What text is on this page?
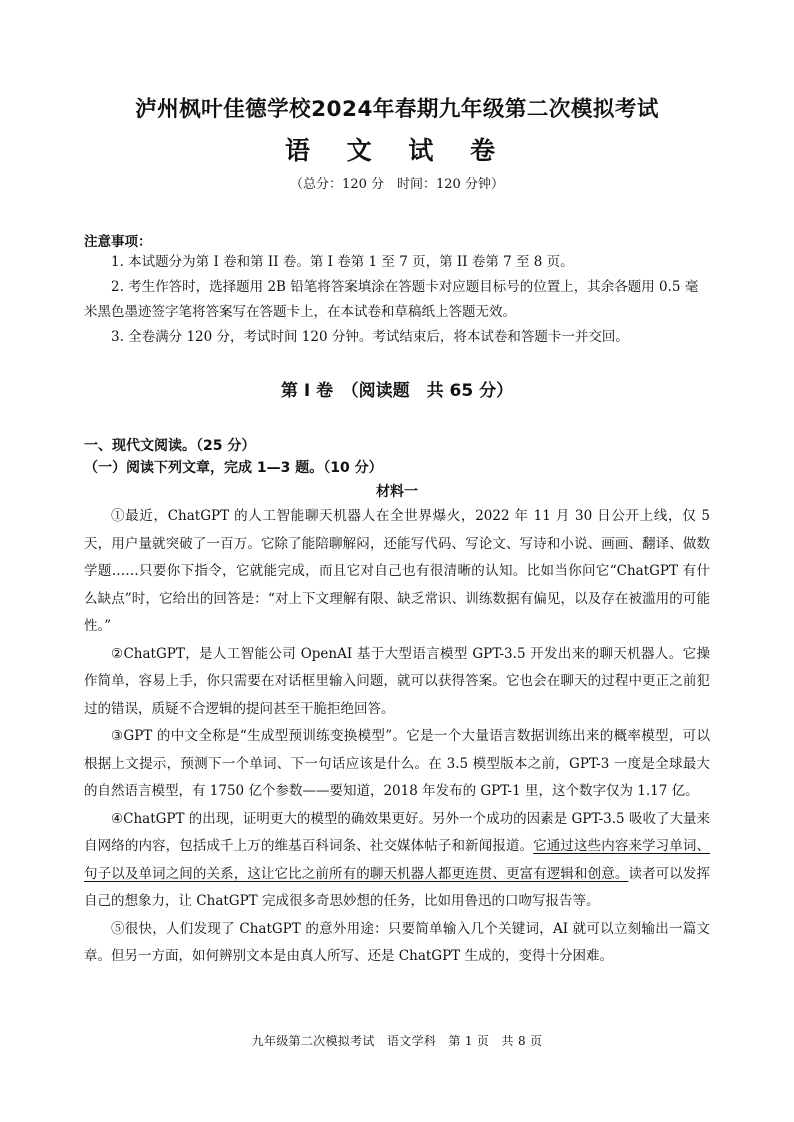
泸州枫叶佳德学校2024年春期九年级第二次模拟考试
语 文 试 卷
（总分：120 分　时间：120 分钟）
注意事项：

1. 本试题分为第 I 卷和第 II 卷。第 I 卷第 1 至 7 页，第 II 卷第 7 至 8 页。

2. 考生作答时，选择题用 2B 铅笔将答案填涂在答题卡对应题目标号的位置上，其余各题用 0.5 毫米黑色墨迹签字笔将答案写在答题卡上，在本试卷和草稿纸上答题无效。

3. 全卷满分 120 分，考试时间 120 分钟。考试结束后，将本试卷和答题卡一并交回。

第 I 卷　（阅读题　共 65 分）
一、现代文阅读。（25 分）
（一）阅读下列文章，完成 1—3 题。（10 分）
材料一

①最近，ChatGPT 的人工智能聊天机器人在全世界爆火，2022 年 11 月 30 日公开上线，仅 5 天，用户量就突破了一百万。它除了能陪聊解闷，还能写代码、写论文、写诗和小说、画画、翻译、做数学题……只要你下指令，它就能完成，而且它对自己也有很清晰的认知。比如当你问它“ChatGPT 有什么缺点”时，它给出的回答是：“对上下文理解有限、缺乏常识、训练数据有偏见，以及存在被滥用的可能性。”

②ChatGPT，是人工智能公司 OpenAI 基于大型语言模型 GPT-3.5 开发出来的聊天机器人。它操作简单，容易上手，你只需要在对话框里输入问题，就可以获得答案。它也会在聊天的过程中更正之前犯过的错误，质疑不合逻辑的提问甚至干脆拒绝回答。

③GPT 的中文全称是“生成型预训练变换模型”。它是一个大量语言数据训练出来的概率模型，可以根据上文提示，预测下一个单词、下一句话应该是什么。在 3.5 模型版本之前，GPT-3 一度是全球最大的自然语言模型，有 1750 亿个参数——要知道，2018 年发布的 GPT-1 里，这个数字仅为 1.17 亿。

④ChatGPT 的出现，证明更大的模型的确效果更好。另外一个成功的因素是 GPT-3.5 吸收了大量来自网络的内容，包括成千上万的维基百科词条、社交媒体帖子和新闻报道。它通过这些内容来学习单词、句子以及单词之间的关系，这让它比之前所有的聊天机器人都更连贯、更富有逻辑和创意。读者可以发挥自己的想象力，让 ChatGPT 完成很多奇思妙想的任务，比如用鲁迅的口吻写报告等。

⑤很快，人们发现了 ChatGPT 的意外用途：只要简单输入几个关键词，AI 就可以立刻输出一篇文章。但另一方面，如何辨别文本是由真人所写、还是 ChatGPT 生成的，变得十分困难。

九年级第二次模拟考试　语文学科　第 1 页　共 8 页
